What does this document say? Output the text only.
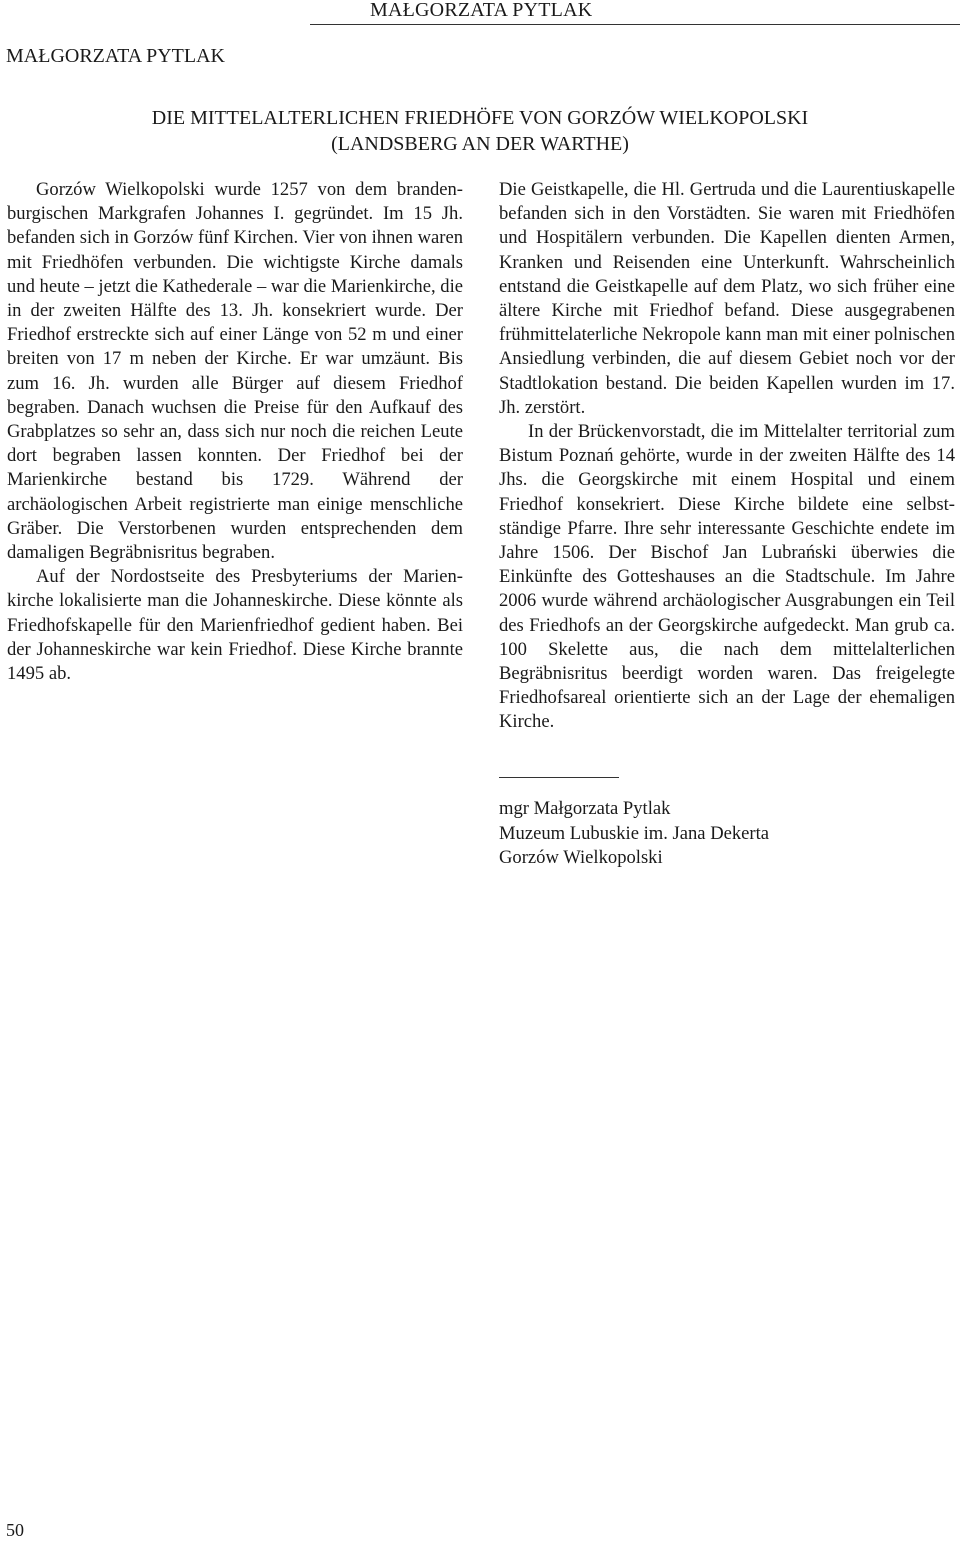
MAŁGORZATA PYTLAK
MAŁGORZATA PYTLAK
DIE MITTELALTERLICHEN FRIEDHÖFE VON GORZÓW WIELKOPOLSKI
(LANDSBERG AN DER WARTHE)

Gorzów Wielkopolski wurde 1257 von dem brandenburgischen Markgrafen Johannes I. gegründet. Im 15 Jh. befanden sich in Gorzów fünf Kirchen. Vier von ihnen waren mit Friedhöfen verbunden. Die wichtigste Kirche damals und heute – jetzt die Kathederale – war die Marienkirche, die in der zweiten Hälfte des 13. Jh. konsekriert wurde. Der Friedhof erstreckte sich auf einer Länge von 52 m und einer breiten von 17 m neben der Kirche. Er war umzäunt. Bis zum 16. Jh. wurden alle Bürger auf diesem Friedhof begraben. Danach wuchsen die Preise für den Aufkauf des Grabplatzes so sehr an, dass sich nur noch die reichen Leute dort begraben lassen konnten. Der Friedhof bei der Marienkirche bestand bis 1729. Während der archäologischen Arbeit registrierte man einige menschliche Gräber. Die Verstorbenen wurden entsprechenden dem damaligen Begräbnisritus begraben.

Auf der Nordostseite des Presbyteriums der Marienkirche lokalisierte man die Johanneskirche. Diese könnte als Friedhofskapelle für den Marienfriedhof gedient haben. Bei der Johanneskirche war kein Friedhof. Diese Kirche brannte 1495 ab.

Die Geistkapelle, die Hl. Gertruda und die Laurentiuskapelle befanden sich in den Vorstädten. Sie waren mit Friedhöfen und Hospitälern verbunden. Die Kapellen dienten Armen, Kranken und Reisenden eine Unterkunft. Wahrscheinlich entstand die Geistkapelle auf dem Platz, wo sich früher eine ältere Kirche mit Friedhof befand. Diese ausgegrabenen frühmittelaterliche Nekropole kann man mit einer polnischen Ansiedlung verbinden, die auf diesem Gebiet noch vor der Stadtlokation bestand. Die beiden Kapellen wurden im 17. Jh. zerstört.

In der Brückenvorstadt, die im Mittelalter territorial zum Bistum Poznań gehörte, wurde in der zweiten Hälfte des 14 Jhs. die Georgskirche mit einem Hospital und einem Friedhof konsekriert. Diese Kirche bildete eine selbstständige Pfarre. Ihre sehr interessante Geschichte endete im Jahre 1506. Der Bischof Jan Lubrański überwies die Einkünfte des Gotteshauses an die Stadtschule. Im Jahre 2006 wurde während archäologischer Ausgrabungen ein Teil des Friedhofs an der Georgskirche aufgedeckt. Man grub ca. 100 Skelette aus, die nach dem mittelalterlichen Begräbnisritus beerdigt worden waren. Das freigelegte Friedhofsareal orientierte sich an der Lage der ehemaligen Kirche.

mgr Małgorzata Pytlak
Muzeum Lubuskie im. Jana Dekerta
Gorzów Wielkopolski
50
